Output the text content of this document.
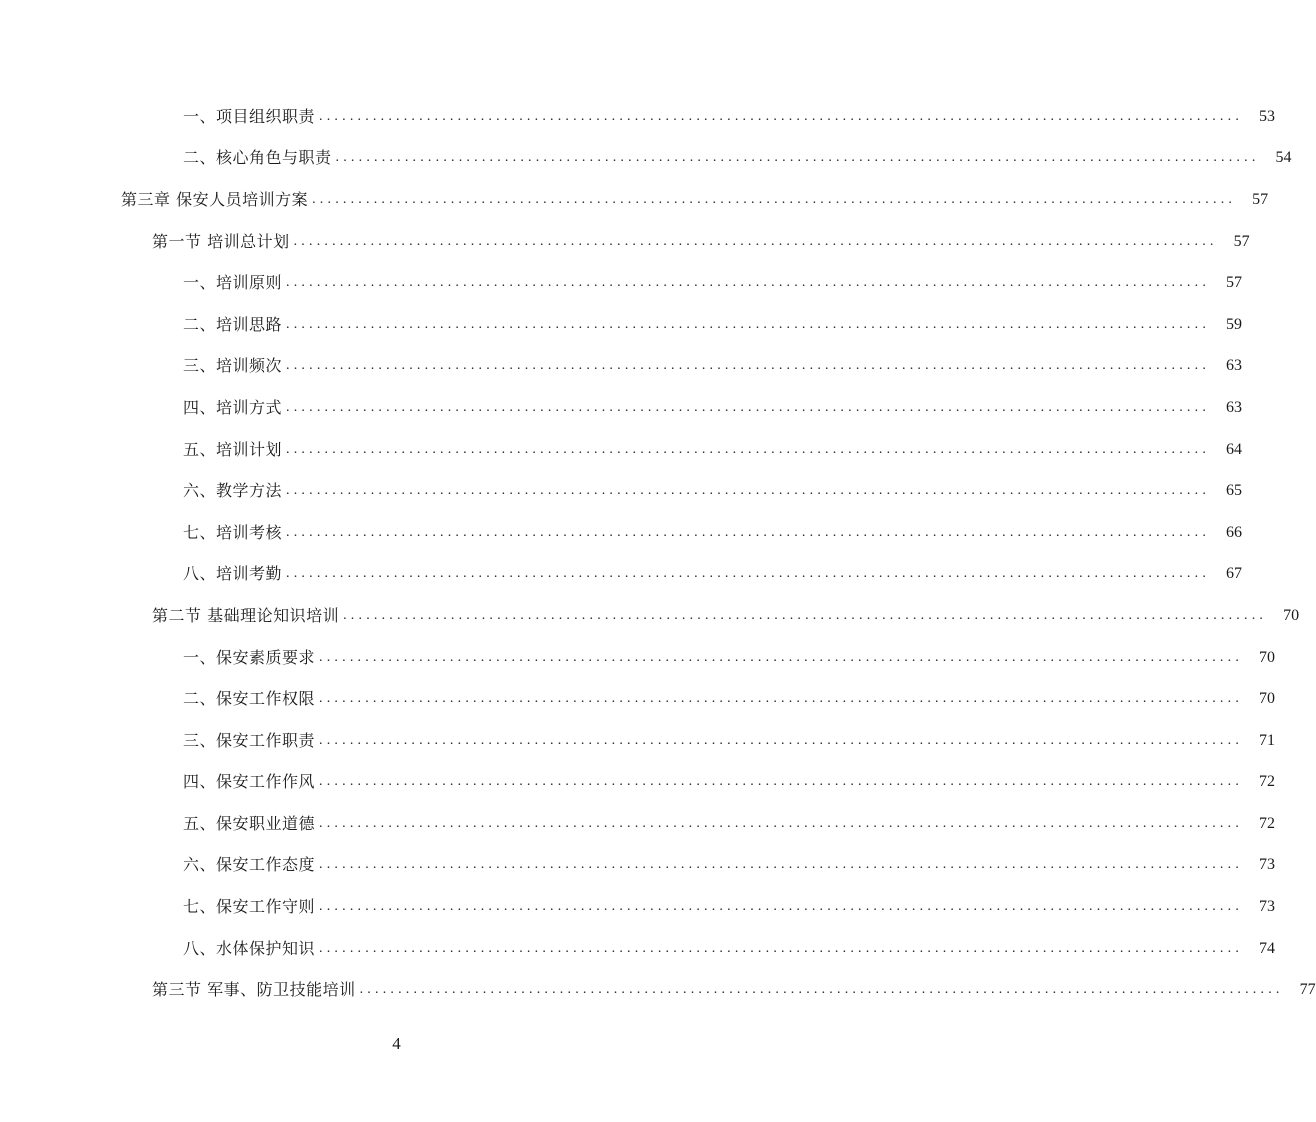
一、项目组织职责 ........................................................................................................................	53
二、核心角色与职责 ........................................................................................................................	54
第三章 保安人员培训方案 ........................................................................................................................	57
第一节 培训总计划 ........................................................................................................................	57
一、培训原则 ........................................................................................................................	57
二、培训思路 ........................................................................................................................	59
三、培训频次 ........................................................................................................................	63
四、培训方式 ........................................................................................................................	63
五、培训计划 ........................................................................................................................	64
六、教学方法 ........................................................................................................................	65
七、培训考核 ........................................................................................................................	66
八、培训考勤 ........................................................................................................................	67
第二节 基础理论知识培训 ........................................................................................................................	70
一、保安素质要求 ........................................................................................................................	70
二、保安工作权限 ........................................................................................................................	70
三、保安工作职责 ........................................................................................................................	71
四、保安工作作风 ........................................................................................................................	72
五、保安职业道德 ........................................................................................................................	72
六、保安工作态度 ........................................................................................................................	73
七、保安工作守则 ........................................................................................................................	73
八、水体保护知识 ........................................................................................................................	74
第三节 军事、防卫技能培训 ........................................................................................................................	77
4
